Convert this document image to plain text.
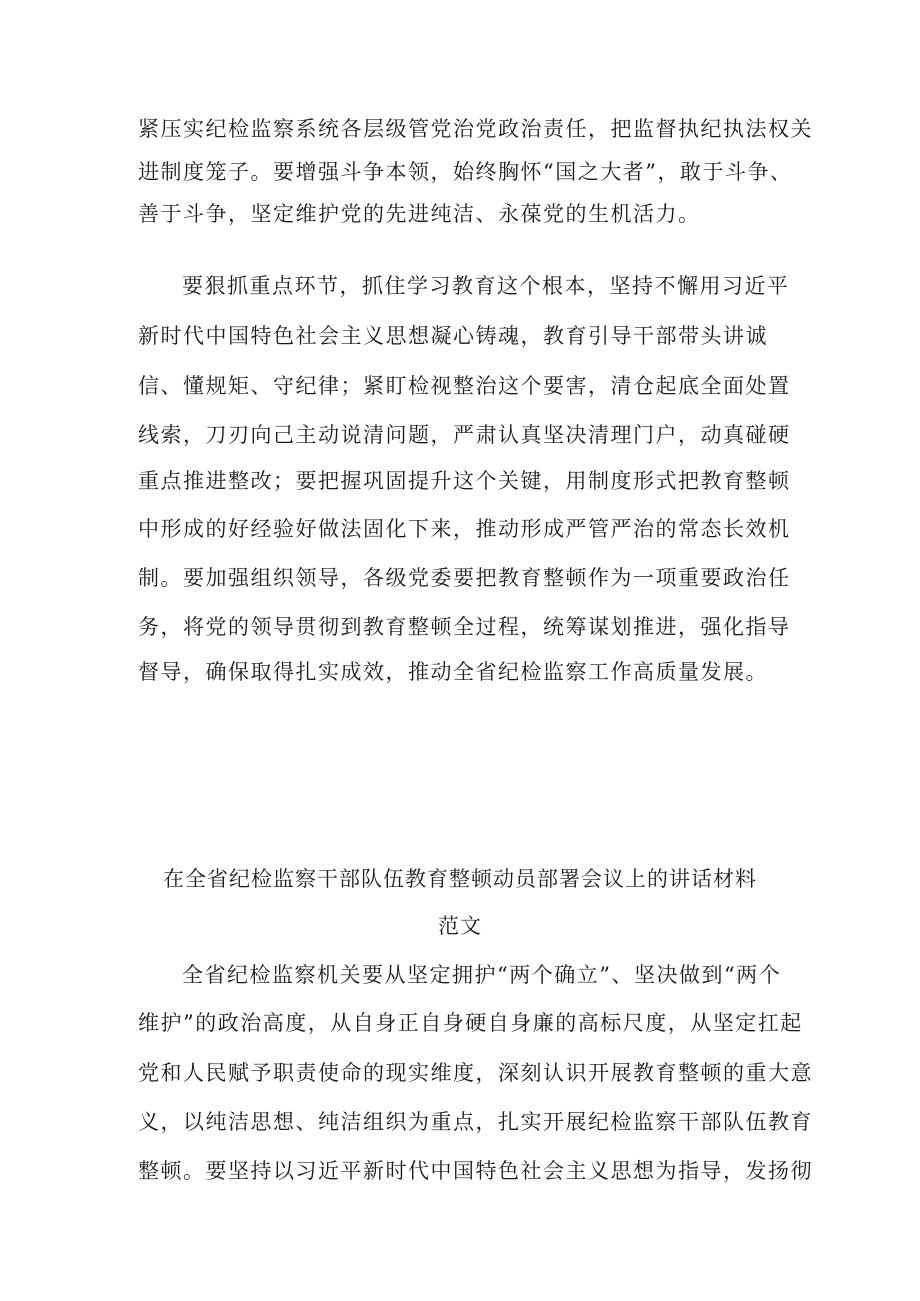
紧压实纪检监察系统各层级管党治党政治责任，把监督执纪执法权关
进制度笼子。要增强斗争本领，始终胸怀“国之大者”，敢于斗争、
善于斗争，坚定维护党的先进纯洁、永葆党的生机活力。
要狠抓重点环节，抓住学习教育这个根本，坚持不懈用习近平
新时代中国特色社会主义思想凝心铸魂，教育引导干部带头讲诚
信、懂规矩、守纪律；紧盯检视整治这个要害，清仓起底全面处置
线索，刀刃向己主动说清问题，严肃认真坚决清理门户，动真碰硬
重点推进整改；要把握巩固提升这个关键，用制度形式把教育整顿
中形成的好经验好做法固化下来，推动形成严管严治的常态长效机
制。要加强组织领导，各级党委要把教育整顿作为一项重要政治任
务，将党的领导贯彻到教育整顿全过程，统筹谋划推进，强化指导
督导，确保取得扎实成效，推动全省纪检监察工作高质量发展。
在全省纪检监察干部队伍教育整顿动员部署会议上的讲话材料
范文
全省纪检监察机关要从坚定拥护“两个确立”、坚决做到“两个
维护”的政治高度，从自身正自身硬自身廉的高标尺度，从坚定扛起
党和人民赋予职责使命的现实维度，深刻认识开展教育整顿的重大意
义，以纯洁思想、纯洁组织为重点，扎实开展纪检监察干部队伍教育
整顿。要坚持以习近平新时代中国特色社会主义思想为指导，发扬彻
